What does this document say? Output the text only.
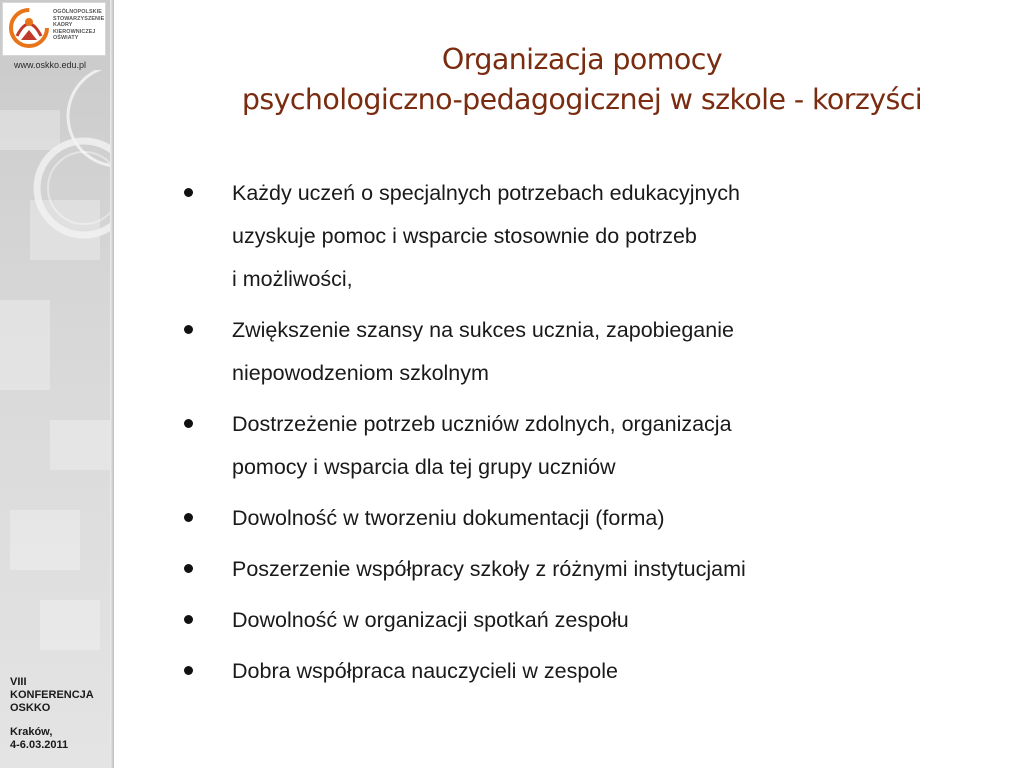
OGÓLNOPOLSKIE
STOWARZYSZENIE
KADRY
KIEROWNICZEJ
OŚWIATY
www.oskko.edu.pl
VIII
KONFERENCJA
OSKKO
Kraków,
4-6.03.2011
Organizacja pomocy
psychologiczno-pedagogicznej w szkole - korzyści
Każdy uczeń o specjalnych potrzebach edukacyjnych
uzyskuje pomoc i wsparcie stosownie do potrzeb
i możliwości,
Zwiększenie szansy na sukces ucznia, zapobieganie
niepowodzeniom szkolnym
Dostrzeżenie potrzeb uczniów zdolnych, organizacja
pomocy i wsparcia dla tej grupy uczniów
Dowolność w tworzeniu dokumentacji (forma)
Poszerzenie współpracy szkoły z różnymi instytucjami
Dowolność w organizacji spotkań zespołu
Dobra współpraca nauczycieli w zespole
